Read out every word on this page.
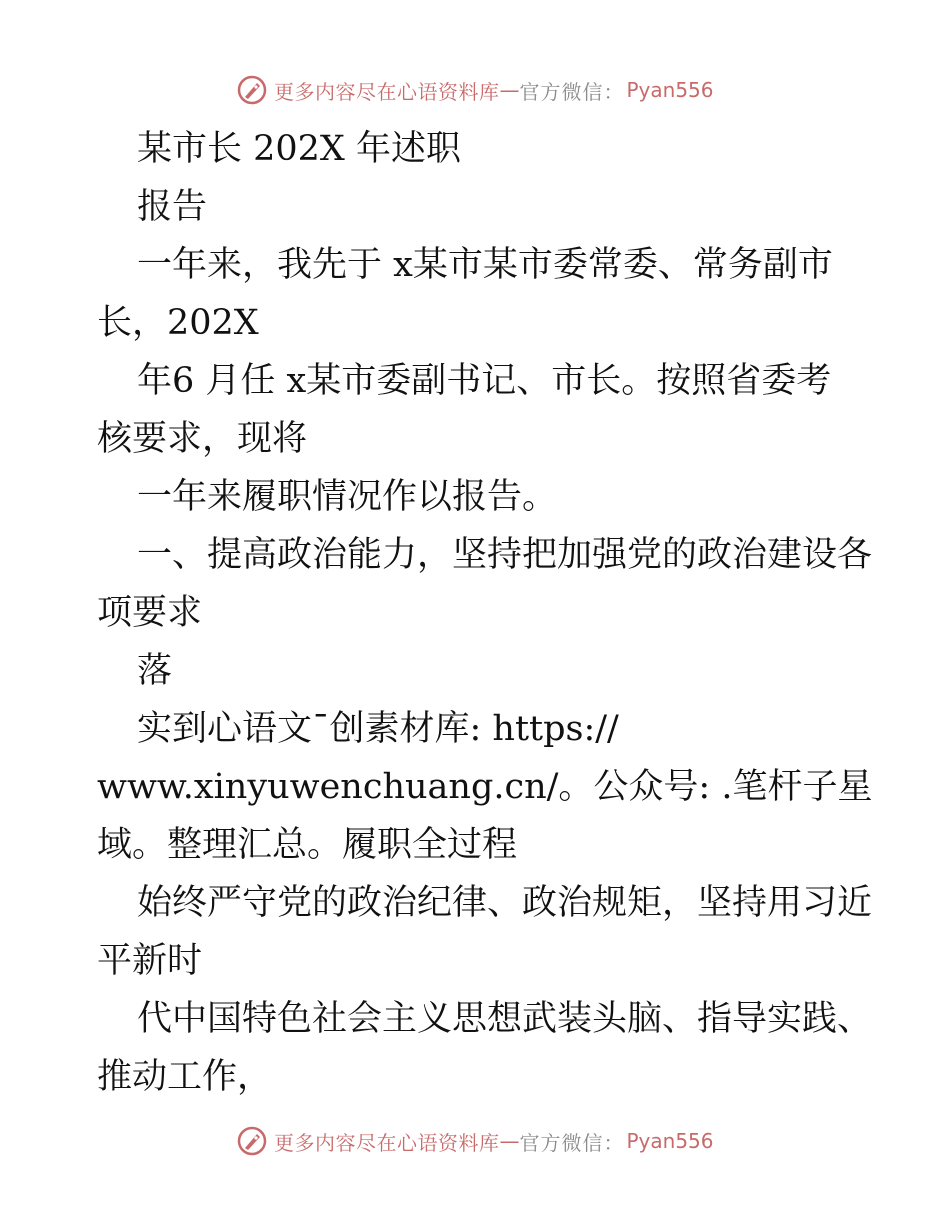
更多内容尽在心语资料库 — 官方微信： Pyan556
某市长 202X 年述职
报告
一年来，我先于 x某市某市委常委、常务副市
长，202X
年6 月任 x某市委副书记、市长。按照省委考
核要求，现将
一年来履职情况作以报告。
一、提高政治能力，坚持把加强党的政治建设各
项要求
落
实到心语文¯创素材库: https://
www.xinyuwenchuang.cn/。公众号: .笔杆子星
域。整理汇总。履职全过程
始终严守党的政治纪律、政治规矩，坚持用习近
平新时
代中国特色社会主义思想武装头脑、指导实践、
推动工作，
更多内容尽在心语资料库 — 官方微信： Pyan556
